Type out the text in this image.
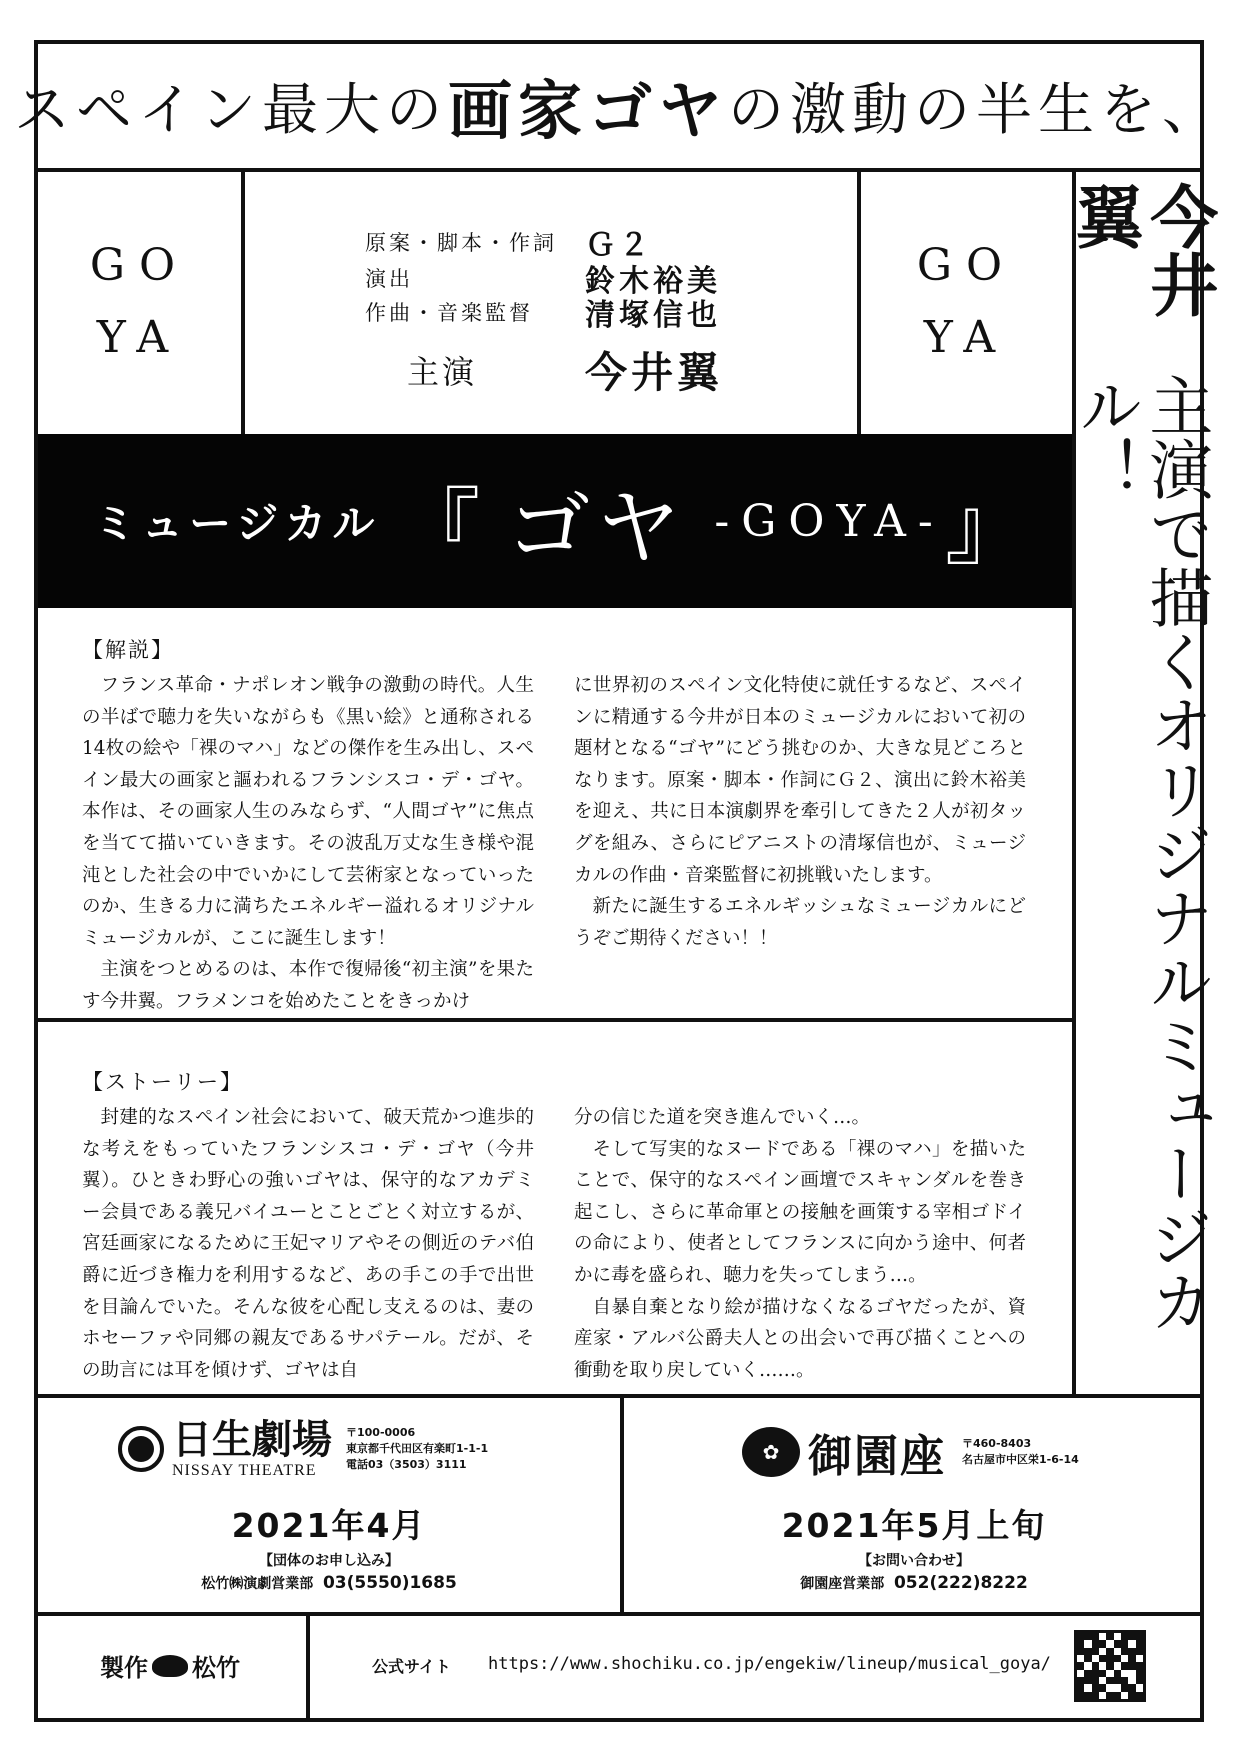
スペイン最大の 画家ゴヤ の激動の半生を、
GO
YA
GO
YA
原案・脚本・作詞 Ｇ２
演出	鈴木裕美
作曲・音楽監督	清塚信也
主演	今井翼
ミュージカル 『 ゴヤ -GOYA- 』
今井翼
主演で描くオリジナルミュージカル！
【解説】

フランス革命・ナポレオン戦争の激動の時代。人生の半ばで聴力を失いながらも《黒い絵》と通称される14枚の絵や「裸のマハ」などの傑作を生み出し、スペイン最大の画家と謳われるフランシスコ・デ・ゴヤ。本作は、その画家人生のみならず、“人間ゴヤ”に焦点を当てて描いていきます。その波乱万丈な生き様や混沌とした社会の中でいかにして芸術家となっていったのか、生きる力に満ちたエネルギー溢れるオリジナルミュージカルが、ここに誕生します！

主演をつとめるのは、本作で復帰後“初主演”を果たす今井翼。フラメンコを始めたことをきっかけ

に世界初のスペイン文化特使に就任するなど、スペインに精通する今井が日本のミュージカルにおいて初の題材となる“ゴヤ”にどう挑むのか、大きな見どころとなります。原案・脚本・作詞にＧ２、演出に鈴木裕美を迎え、共に日本演劇界を牽引してきた２人が初タッグを組み、さらにピアニストの清塚信也が、ミュージカルの作曲・音楽監督に初挑戦いたします。

新たに誕生するエネルギッシュなミュージカルにどうぞご期待ください！！

【ストーリー】

封建的なスペイン社会において、破天荒かつ進歩的な考えをもっていたフランシスコ・デ・ゴヤ（今井翼）。ひときわ野心の強いゴヤは、保守的なアカデミー会員である義兄バイユーとことごとく対立するが、宮廷画家になるために王妃マリアやその側近のテバ伯爵に近づき権力を利用するなど、あの手この手で出世を目論んでいた。そんな彼を心配し支えるのは、妻のホセーファや同郷の親友であるサパテール。だが、その助言には耳を傾けず、ゴヤは自

分の信じた道を突き進んでいく…。

そして写実的なヌードである「裸のマハ」を描いたことで、保守的なスペイン画壇でスキャンダルを巻き起こし、さらに革命軍との接触を画策する宰相ゴドイの命により、使者としてフランスに向かう途中、何者かに毒を盛られ、聴力を失ってしまう…。

自暴自棄となり絵が描けなくなるゴヤだったが、資産家・アルバ公爵夫人との出会いで再び描くことへの衝動を取り戻していく……。

日生劇場
NISSAY THEATRE
〒100-0006
東京都千代田区有楽町1-1-1
電話03（3503）3111
2021年4月
【団体のお申し込み】
松竹㈱演劇営業部 03(5550)1685
✿ 御園座 〒460-8403
名古屋市中区栄1-6-14
2021年5月上旬
【お問い合わせ】
御園座営業部 052(222)8222
製作 松竹	公式サイト https://www.shochiku.co.jp/engekiw/lineup/musical_goya/
